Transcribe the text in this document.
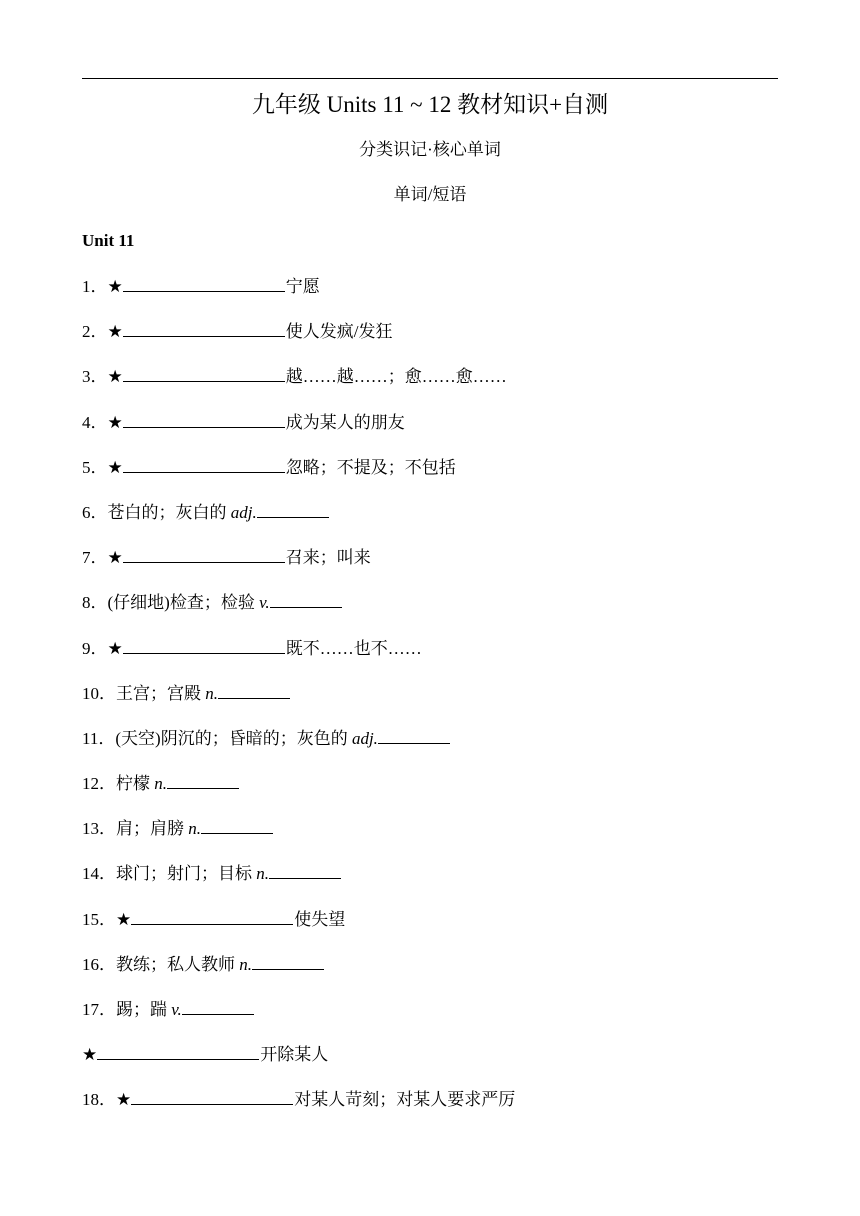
九年级 Units 11 ~ 12 教材知识+自测
分类识记·核心单词
单词/短语
Unit 11
1．★	宁愿
2．★	使人发疯/发狂
3．★	越……越……；愈……愈……
4．★	成为某人的朋友
5．★	忽略；不提及；不包括
6．苍白的；灰白的 adj.
7．★	召来；叫来
8．(仔细地)检查；检验 v.
9．★	既不……也不……
10．王宫；宫殿 n.
11．(天空)阴沉的；昏暗的；灰色的 adj.
12．柠檬 n.
13．肩；肩膀 n.
14．球门；射门；目标 n.
15．★	使失望
16．教练；私人教师 n.
17．踢；踹 v.
★	开除某人
18．★	对某人苛刻；对某人要求严厉
